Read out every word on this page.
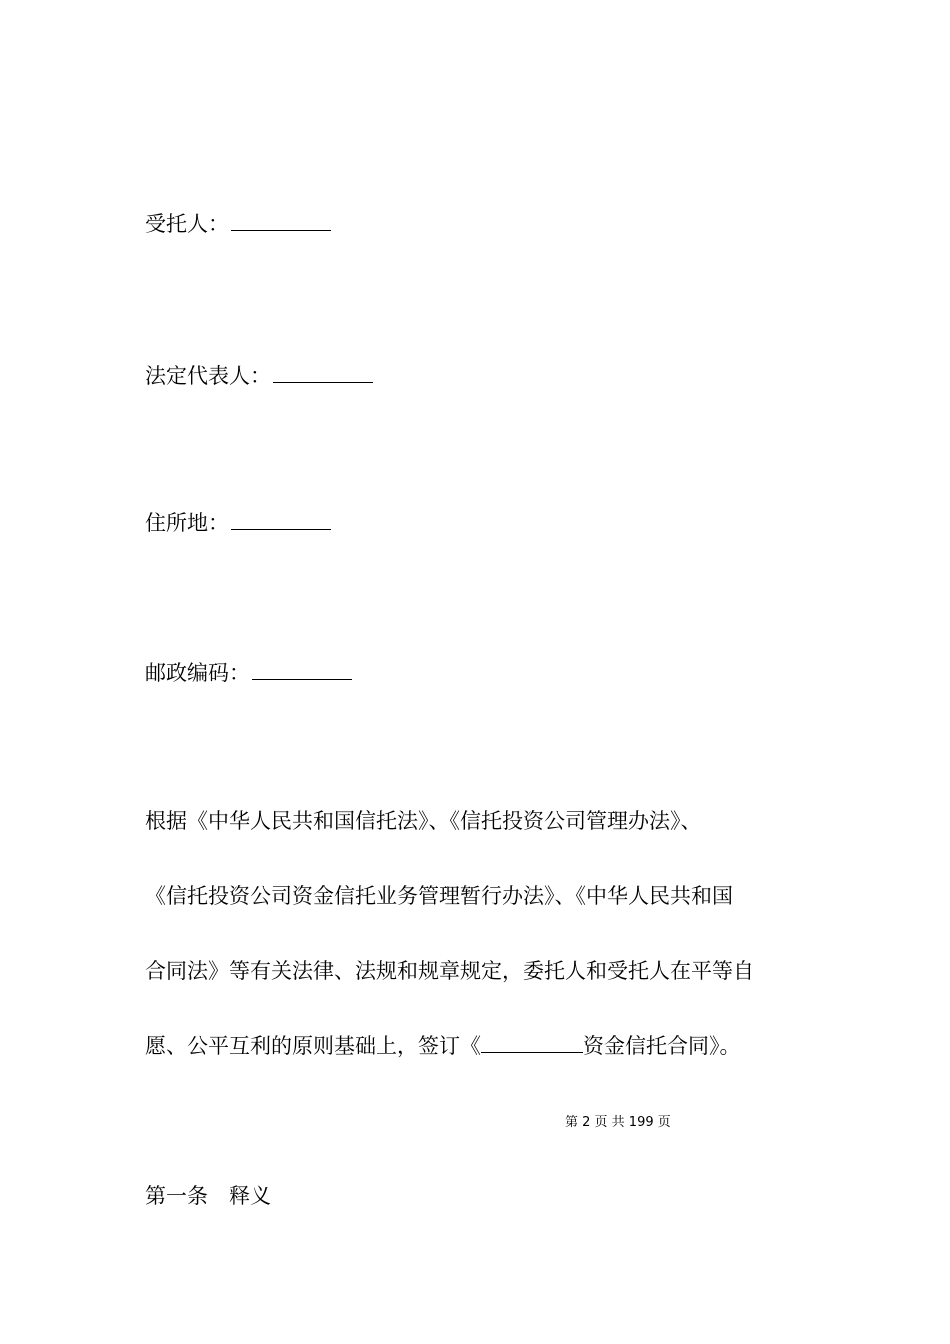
受托人：

法定代表人：

住所地：

邮政编码：

根据《中华人民共和国信托法》、《信托投资公司管理办法》、

《信托投资公司资金信托业务管理暂行办法》、《中华人民共和国

合同法》等有关法律、法规和规章规定，委托人和受托人在平等自

愿、公平互利的原则基础上，签订《	资金信托合同》。

第 2 页 共 199 页

第一条　释义
